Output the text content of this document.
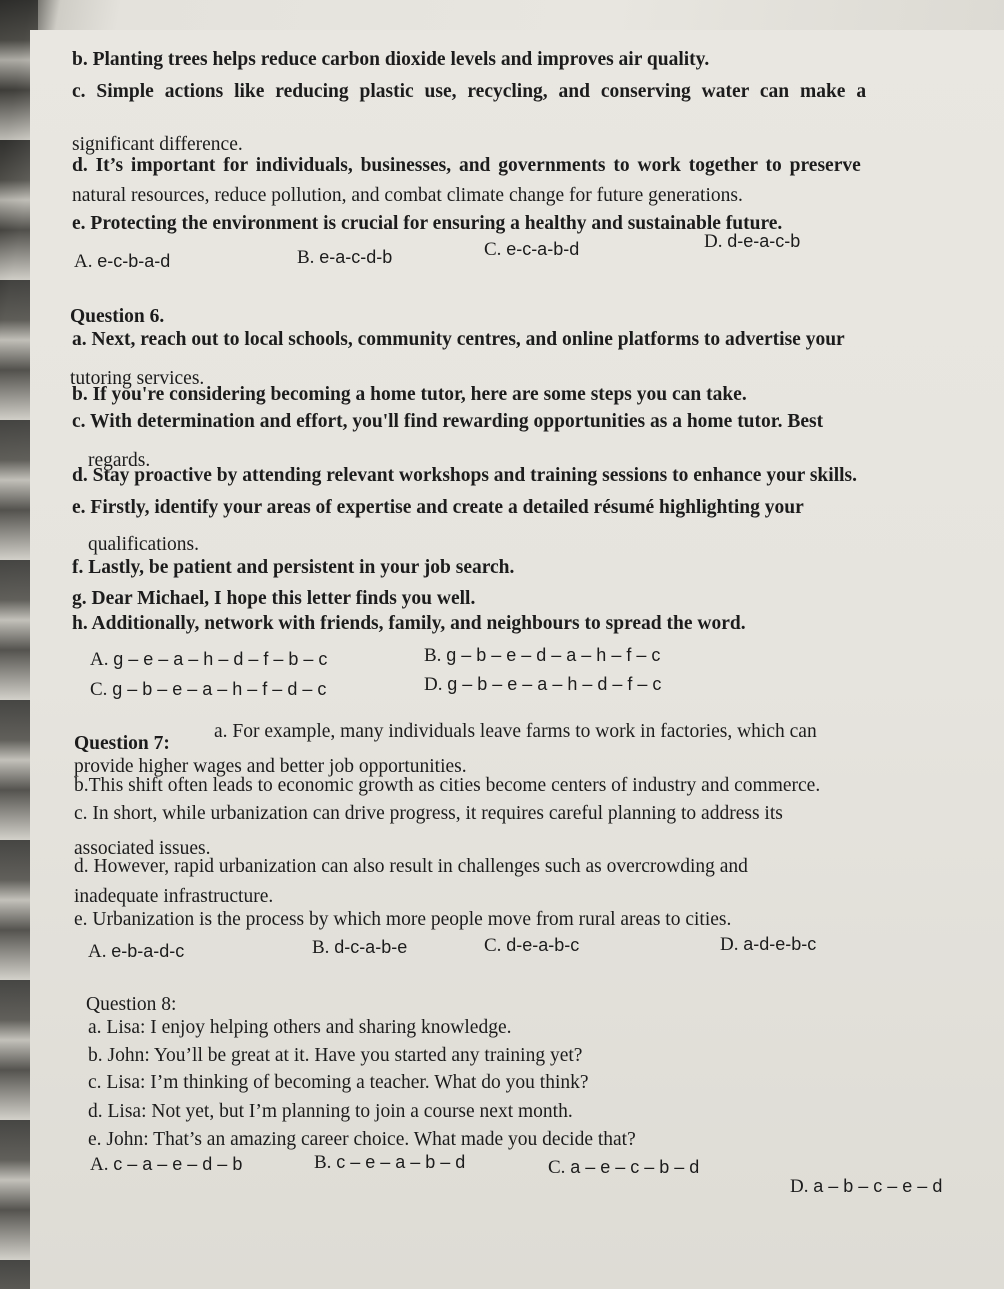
b. Planting trees helps reduce carbon dioxide levels and improves air quality.
c. Simple actions like reducing plastic use, recycling, and conserving water can make a
significant difference.
d. It’s important for individuals, businesses, and governments to work together to preserve
natural resources, reduce pollution, and combat climate change for future generations.
e. Protecting the environment is crucial for ensuring a healthy and sustainable future.
A. e-c-b-a-d	B. e-a-c-d-b	C. e-c-a-b-d	D. d-e-a-c-b
Question 6.
a. Next, reach out to local schools, community centres, and online platforms to advertise your
tutoring services.
b. If you're considering becoming a home tutor, here are some steps you can take.
c. With determination and effort, you'll find rewarding opportunities as a home tutor. Best
regards.
d. Stay proactive by attending relevant workshops and training sessions to enhance your skills.
e. Firstly, identify your areas of expertise and create a detailed résumé highlighting your
qualifications.
f. Lastly, be patient and persistent in your job search.
g. Dear Michael, I hope this letter finds you well.
h. Additionally, network with friends, family, and neighbours to spread the word.
A. g – e – a – h – d – f – b – c	B. g – b – e – d – a – h – f – c
C. g – b – e – a – h – f – d – c	D. g – b – e – a – h – d – f – c
Question 7:
a. For example, many individuals leave farms to work in factories, which can
provide higher wages and better job opportunities.
b.This shift often leads to economic growth as cities become centers of industry and commerce.
c. In short, while urbanization can drive progress, it requires careful planning to address its
associated issues.
d. However, rapid urbanization can also result in challenges such as overcrowding and
inadequate infrastructure.
e. Urbanization is the process by which more people move from rural areas to cities.
A. e-b-a-d-c	B. d-c-a-b-e	C. d-e-a-b-c	D. a-d-e-b-c
Question 8:
a. Lisa: I enjoy helping others and sharing knowledge.
b. John: You’ll be great at it. Have you started any training yet?
c. Lisa: I’m thinking of becoming a teacher. What do you think?
d. Lisa: Not yet, but I’m planning to join a course next month.
e. John: That’s an amazing career choice. What made you decide that?
A. c – a – e – d – b	B. c – e – a – b – d	C. a – e – c – b – d
D. a – b – c – e – d
